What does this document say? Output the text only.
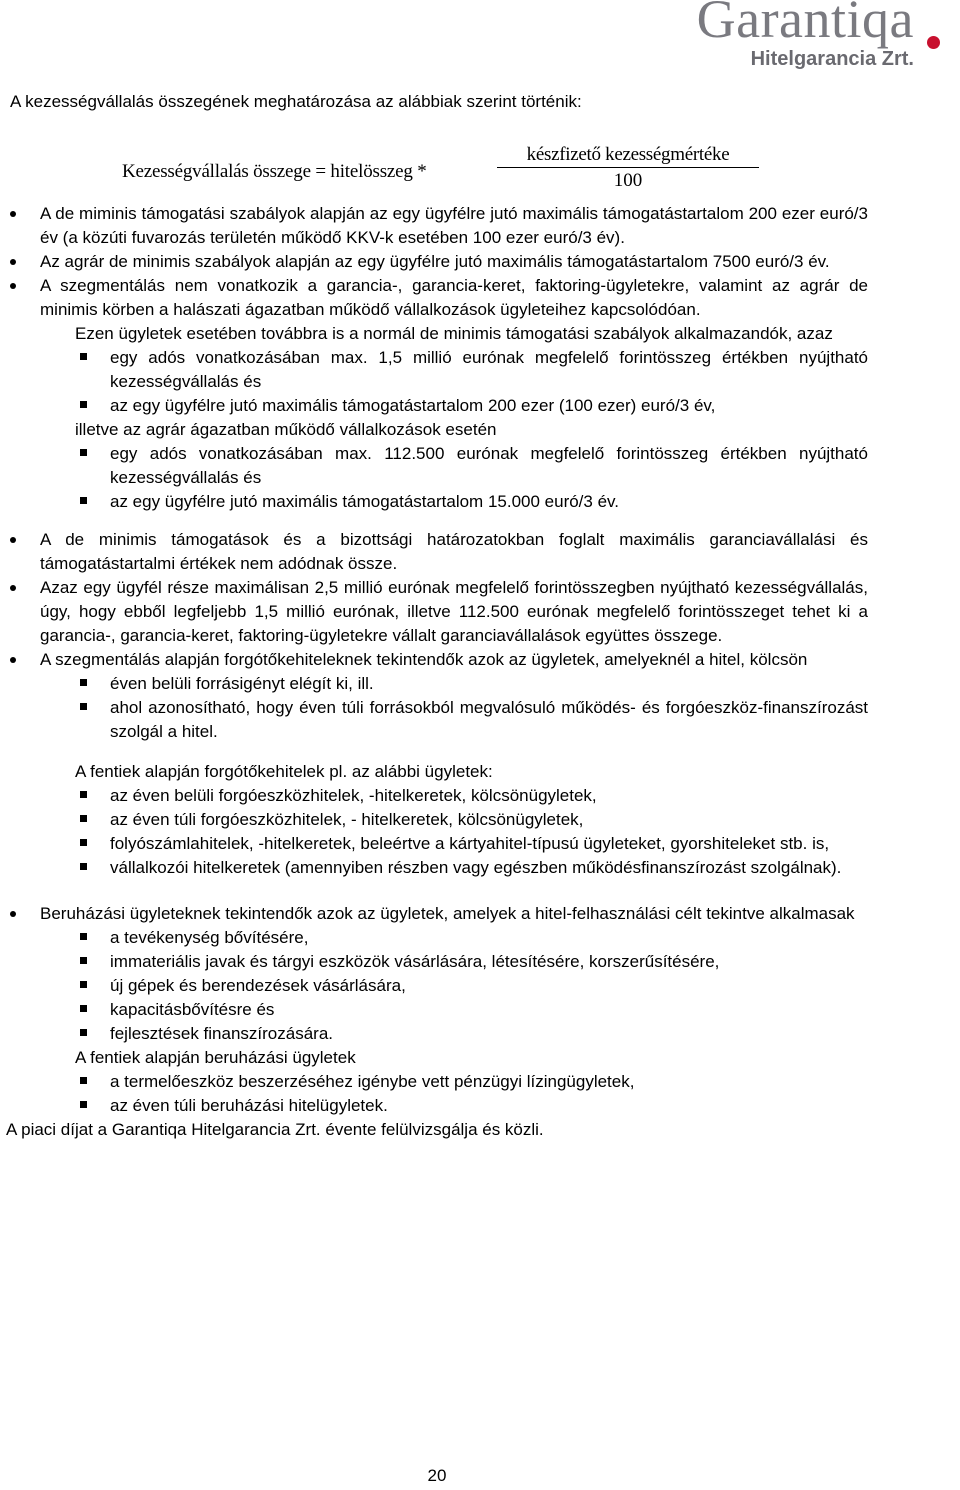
Garantiqa
Hitelgarancia Zrt.

A kezességvállalás összegének meghatározása az alábbiak szerint történik:

Kezességvállalás összege = hitelösszeg *
készfizető kezességmértéke
100
A de miminis támogatási szabályok alapján az egy ügyfélre jutó maximális támogatástartalom 200 ezer euró/3 év (a közúti fuvarozás területén működő KKV-k esetében 100 ezer euró/3 év).
Az agrár de minimis szabályok alapján az egy ügyfélre jutó maximális támogatástartalom 7500 euró/3 év.
A szegmentálás nem vonatkozik a garancia-, garancia-keret, faktoring-ügyletekre, valamint az agrár de minimis körben a halászati ágazatban működő vállalkozások ügyleteihez kapcsolódóan.
Ezen ügyletek esetében továbbra is a normál de minimis támogatási szabályok alkalmazandók, azaz
egy adós vonatkozásában max. 1,5 millió eurónak megfelelő forintösszeg értékben nyújtható kezességvállalás és
az egy ügyfélre jutó maximális támogatástartalom 200 ezer (100 ezer) euró/3 év,
illetve az agrár ágazatban működő vállalkozások esetén
egy adós vonatkozásában max. 112.500 eurónak megfelelő forintösszeg értékben nyújtható kezességvállalás és
az egy ügyfélre jutó maximális támogatástartalom 15.000 euró/3 év.
A de minimis támogatások és a bizottsági határozatokban foglalt maximális garanciavállalási és támogatástartalmi értékek nem adódnak össze.
Azaz egy ügyfél része maximálisan 2,5 millió eurónak megfelelő forintösszegben nyújtható kezességvállalás, úgy, hogy ebből legfeljebb 1,5 millió eurónak, illetve 112.500 eurónak megfelelő forintösszeget tehet ki a garancia-, garancia-keret, faktoring-ügyletekre vállalt garanciavállalások együttes összege.
A szegmentálás alapján forgótőkehiteleknek tekintendők azok az ügyletek, amelyeknél a hitel, kölcsön
éven belüli forrásigényt elégít ki, ill.
ahol azonosítható, hogy éven túli forrásokból megvalósuló működés- és forgóeszköz-finanszírozást szolgál a hitel.
A fentiek alapján forgótőkehitelek pl. az alábbi ügyletek:
az éven belüli forgóeszközhitelek, -hitelkeretek, kölcsönügyletek,
az éven túli forgóeszközhitelek, - hitelkeretek, kölcsönügyletek,
folyószámlahitelek, -hitelkeretek, beleértve a kártyahitel-típusú ügyleteket, gyorshiteleket stb. is,
vállalkozói hitelkeretek (amennyiben részben vagy egészben működésfinanszírozást szolgálnak).
Beruházási ügyleteknek tekintendők azok az ügyletek, amelyek a hitel-felhasználási célt tekintve alkalmasak
a tevékenység bővítésére,
immateriális javak és tárgyi eszközök vásárlására, létesítésére, korszerűsítésére,
új gépek és berendezések vásárlására,
kapacitásbővítésre és
fejlesztések finanszírozására.
A fentiek alapján beruházási ügyletek
a termelőeszköz beszerzéséhez igénybe vett pénzügyi lízingügyletek,
az éven túli beruházási hitelügyletek.

A piaci díjat a Garantiqa Hitelgarancia Zrt. évente felülvizsgálja és közli.

20
